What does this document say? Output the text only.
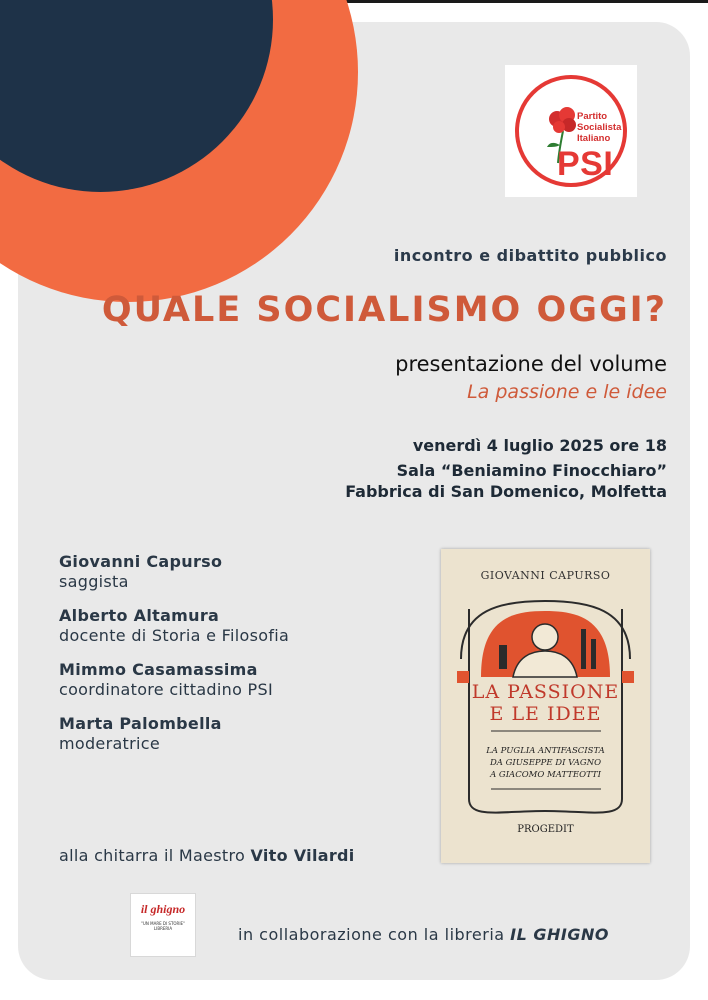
Partito
Socialista
Italiano
PSI
incontro e dibattito pubblico
QUALE SOCIALISMO OGGI?
presentazione del volume
La passione e le idee
venerdì 4 luglio 2025 ore 18
Sala “Beniamino Finocchiaro”
Fabbrica di San Domenico, Molfetta
Giovanni Capurso
saggista
Alberto Altamura
docente di Storia e Filosofia
Mimmo Casamassima
coordinatore cittadino PSI
Marta Palombella
moderatrice
alla chitarra il Maestro Vito Vilardi
GIOVANNI CAPURSO
LA PASSIONE
E LE IDEE
LA PUGLIA ANTIFASCISTA
DA GIUSEPPE DI VAGNO
A GIACOMO MATTEOTTI
PROGEDIT
il ghigno
"UN MARE DI STORIE"
LIBRERIA	in collaborazione con la libreria IL GHIGNO
